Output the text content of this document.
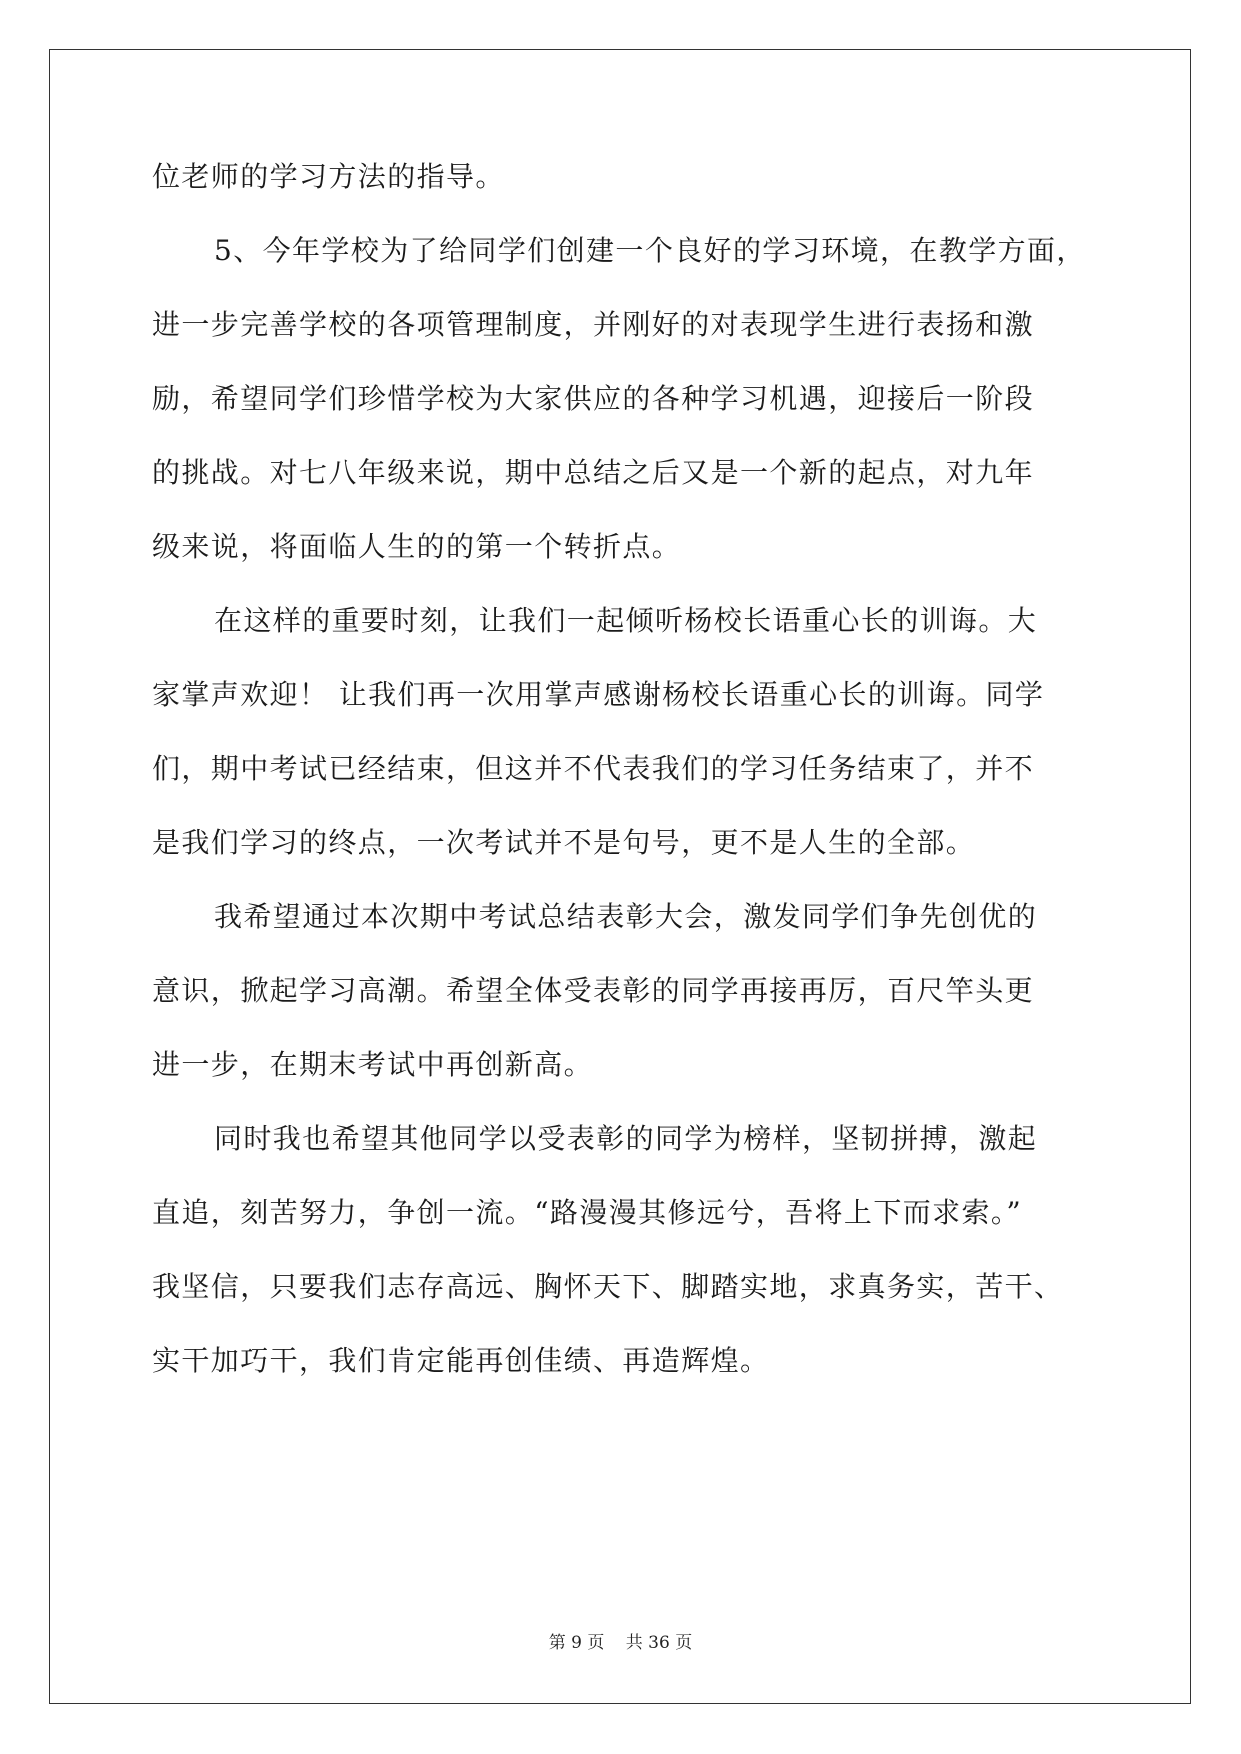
位老师的学习方法的指导。
5、今年学校为了给同学们创建一个良好的学习环境，在教学方面，
进一步完善学校的各项管理制度，并刚好的对表现学生进行表扬和激
励，希望同学们珍惜学校为大家供应的各种学习机遇，迎接后一阶段
的挑战。对七八年级来说，期中总结之后又是一个新的起点，对九年
级来说，将面临人生的的第一个转折点。
在这样的重要时刻，让我们一起倾听杨校长语重心长的训诲。大
家掌声欢迎！ 让我们再一次用掌声感谢杨校长语重心长的训诲。同学
们，期中考试已经结束，但这并不代表我们的学习任务结束了，并不
是我们学习的终点，一次考试并不是句号，更不是人生的全部。
我希望通过本次期中考试总结表彰大会，激发同学们争先创优的
意识，掀起学习高潮。希望全体受表彰的同学再接再厉，百尺竿头更
进一步，在期末考试中再创新高。
同时我也希望其他同学以受表彰的同学为榜样，坚韧拼搏，激起
直追，刻苦努力，争创一流。“路漫漫其修远兮，吾将上下而求索。”
我坚信，只要我们志存高远、胸怀天下、脚踏实地，求真务实，苦干、
实干加巧干，我们肯定能再创佳绩、再造辉煌。
第 9 页 共 36 页
